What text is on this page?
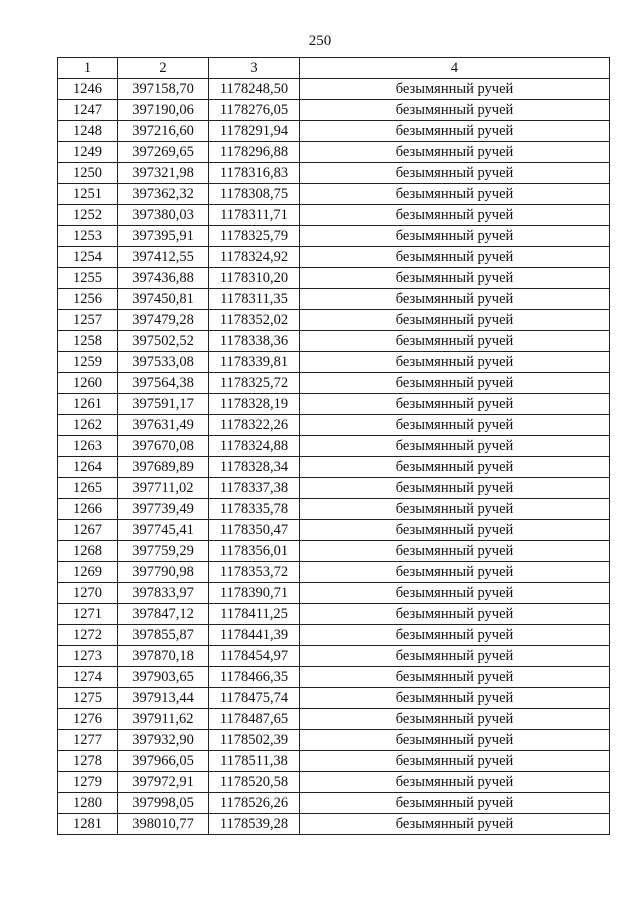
250
1	2	3	4
1246	397158,70	1178248,50	безымянный ручей
1247	397190,06	1178276,05	безымянный ручей
1248	397216,60	1178291,94	безымянный ручей
1249	397269,65	1178296,88	безымянный ручей
1250	397321,98	1178316,83	безымянный ручей
1251	397362,32	1178308,75	безымянный ручей
1252	397380,03	1178311,71	безымянный ручей
1253	397395,91	1178325,79	безымянный ручей
1254	397412,55	1178324,92	безымянный ручей
1255	397436,88	1178310,20	безымянный ручей
1256	397450,81	1178311,35	безымянный ручей
1257	397479,28	1178352,02	безымянный ручей
1258	397502,52	1178338,36	безымянный ручей
1259	397533,08	1178339,81	безымянный ручей
1260	397564,38	1178325,72	безымянный ручей
1261	397591,17	1178328,19	безымянный ручей
1262	397631,49	1178322,26	безымянный ручей
1263	397670,08	1178324,88	безымянный ручей
1264	397689,89	1178328,34	безымянный ручей
1265	397711,02	1178337,38	безымянный ручей
1266	397739,49	1178335,78	безымянный ручей
1267	397745,41	1178350,47	безымянный ручей
1268	397759,29	1178356,01	безымянный ручей
1269	397790,98	1178353,72	безымянный ручей
1270	397833,97	1178390,71	безымянный ручей
1271	397847,12	1178411,25	безымянный ручей
1272	397855,87	1178441,39	безымянный ручей
1273	397870,18	1178454,97	безымянный ручей
1274	397903,65	1178466,35	безымянный ручей
1275	397913,44	1178475,74	безымянный ручей
1276	397911,62	1178487,65	безымянный ручей
1277	397932,90	1178502,39	безымянный ручей
1278	397966,05	1178511,38	безымянный ручей
1279	397972,91	1178520,58	безымянный ручей
1280	397998,05	1178526,26	безымянный ручей
1281	398010,77	1178539,28	безымянный ручей
